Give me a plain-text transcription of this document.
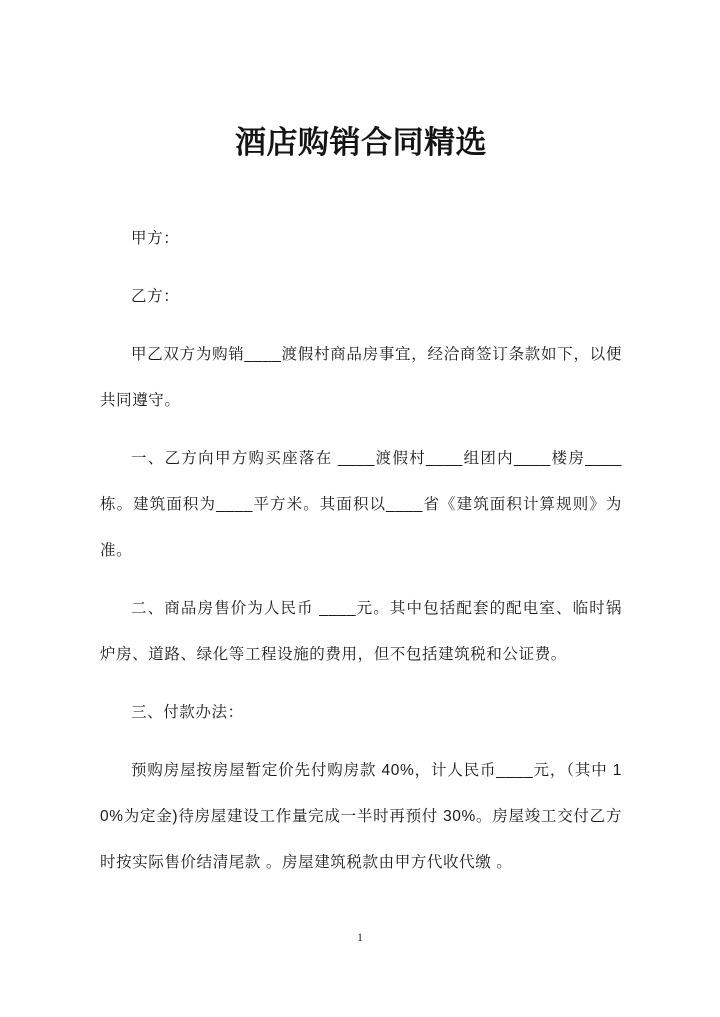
酒店购销合同精选

甲方：

乙方：

甲乙双方为购销____渡假村商品房事宜，经洽商签订条款如下，以便共同遵守。

一、乙方向甲方购买座落在 ____渡假村____组团内____楼房____栋。建筑面积为____平方米。其面积以____省《建筑面积计算规则》为准。

二、商品房售价为人民币 ____元。其中包括配套的配电室、临时锅炉房、道路、绿化等工程设施的费用，但不包括建筑税和公证费。

三、付款办法：

预购房屋按房屋暂定价先付购房款 40%，计人民币____元，（其中 10%为定金)待房屋建设工作量完成一半时再预付 30%。房屋竣工交付乙方时按实际售价结清尾款 。房屋建筑税款由甲方代收代缴 。

1
